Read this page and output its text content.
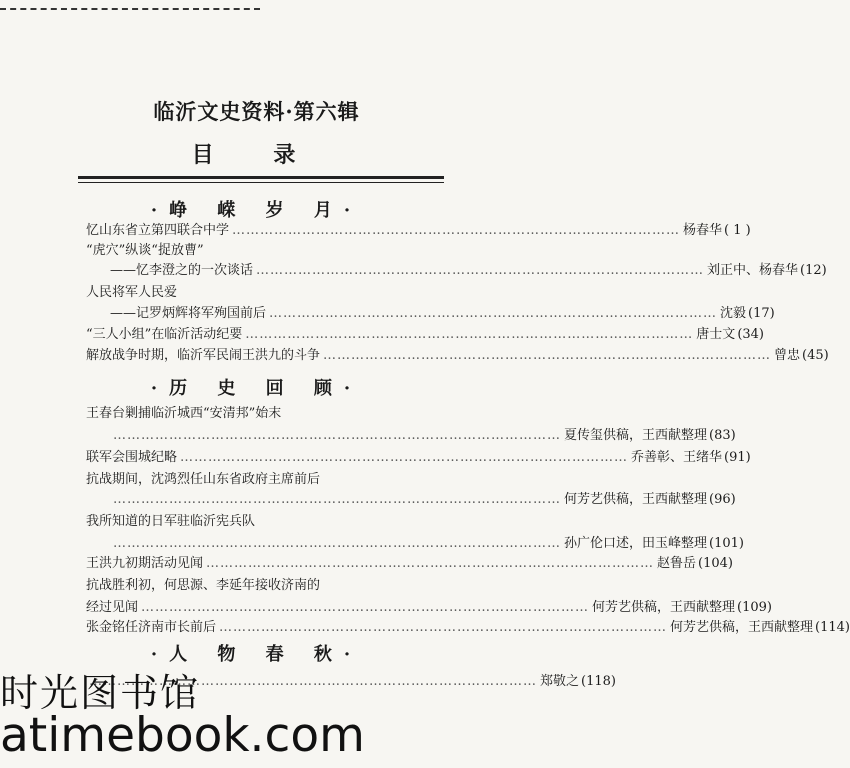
临沂文史资料·第六辑
目 录
·峥 嵘 岁 月·
忆山东省立第四联合中学 …………………………………………………………………………………… 杨春华 ( 1 )
“虎穴”纵谈“捉放曹”
——忆李澄之的一次谈话 …………………………………………………………………………………… 刘正中、杨春华 (12)
人民将军人民爱
——记罗炳辉将军殉国前后 …………………………………………………………………………………… 沈毅 (17)
“三人小组”在临沂活动纪要 …………………………………………………………………………………… 唐士文 (34)
解放战争时期，临沂军民闹王洪九的斗争 …………………………………………………………………………………… 曾忠 (45)
·历 史 回 顾·
王春台剿捕临沂城西“安清邦”始末
…………………………………………………………………………………… 夏传玺供稿，王西献整理 (83)
联军会围城纪略 …………………………………………………………………………………… 乔善彰、王绪华 (91)
抗战期间，沈鸿烈任山东省政府主席前后
…………………………………………………………………………………… 何芳艺供稿，王西献整理 (96)
我所知道的日军驻临沂宪兵队
…………………………………………………………………………………… 孙广伦口述，田玉峰整理 (101)
王洪九初期活动见闻 …………………………………………………………………………………… 赵鲁岳 (104)
抗战胜利初，何思源、李延年接收济南的
经过见闻 …………………………………………………………………………………… 何芳艺供稿，王西献整理 (109)
张金铭任济南市长前后 …………………………………………………………………………………… 何芳艺供稿，王西献整理 (114)
·人 物 春 秋·
…………………………………………………………………………………… 郑敬之 (118)
时光图书馆
atimebook.com
